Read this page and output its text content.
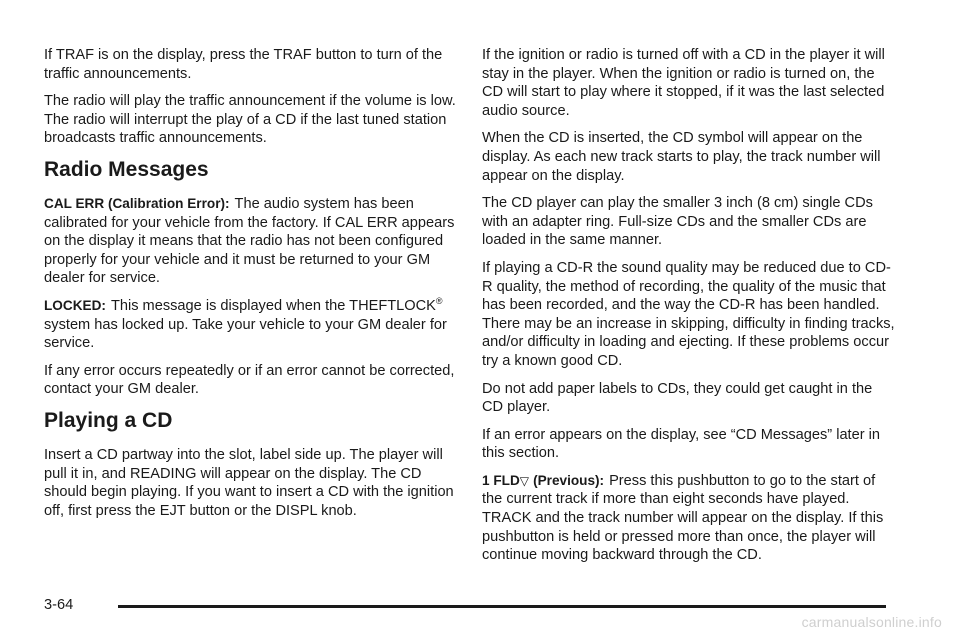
If TRAF is on the display, press the TRAF button to turn of the traffic announcements.

The radio will play the traffic announcement if the volume is low. The radio will interrupt the play of a CD if the last tuned station broadcasts traffic announcements.

Radio Messages

CAL ERR (Calibration Error): The audio system has been calibrated for your vehicle from the factory. If CAL ERR appears on the display it means that the radio has not been configured properly for your vehicle and it must be returned to your GM dealer for service.

LOCKED: This message is displayed when the THEFTLOCK® system has locked up. Take your vehicle to your GM dealer for service.

If any error occurs repeatedly or if an error cannot be corrected, contact your GM dealer.

Playing a CD

Insert a CD partway into the slot, label side up. The player will pull it in, and READING will appear on the display. The CD should begin playing. If you want to insert a CD with the ignition off, first press the EJT button or the DISPL knob.

If the ignition or radio is turned off with a CD in the player it will stay in the player. When the ignition or radio is turned on, the CD will start to play where it stopped, if it was the last selected audio source.

When the CD is inserted, the CD symbol will appear on the display. As each new track starts to play, the track number will appear on the display.

The CD player can play the smaller 3 inch (8 cm) single CDs with an adapter ring. Full-size CDs and the smaller CDs are loaded in the same manner.

If playing a CD-R the sound quality may be reduced due to CD-R quality, the method of recording, the quality of the music that has been recorded, and the way the CD-R has been handled. There may be an increase in skipping, difficulty in finding tracks, and/or difficulty in loading and ejecting. If these problems occur try a known good CD.

Do not add paper labels to CDs, they could get caught in the CD player.

If an error appears on the display, see “CD Messages” later in this section.

1 FLD▽ (Previous): Press this pushbutton to go to the start of the current track if more than eight seconds have played. TRACK and the track number will appear on the display. If this pushbutton is held or pressed more than once, the player will continue moving backward through the CD.

3-64
carmanualsonline.info
